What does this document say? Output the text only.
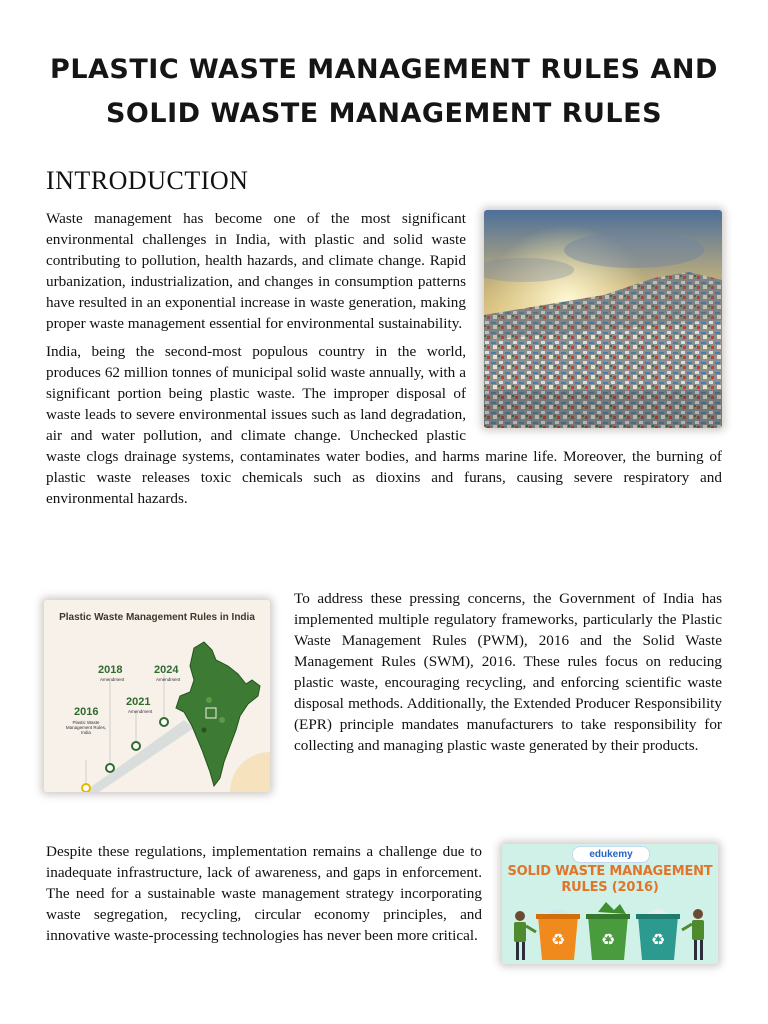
PLASTIC WASTE MANAGEMENT RULES AND
SOLID WASTE MANAGEMENT RULES
INTRODUCTION

Waste management has become one of the most significant environmental challenges in India, with plastic and solid waste contributing to pollution, health hazards, and climate change. Rapid urbanization, industrialization, and changes in consumption patterns have resulted in an exponential increase in waste generation, making proper waste management essential for environmental sustainability.

India, being the second-most populous country in the world, produces 62 million tonnes of municipal solid waste annually, with a significant portion being plastic waste. The improper disposal of waste leads to severe environmental issues such as land degradation, air and water pollution, and climate change. Unchecked plastic waste clogs drainage systems, contaminates water bodies, and harms marine life. Moreover, the burning of plastic waste releases toxic chemicals such as dioxins and furans, causing severe respiratory and environmental hazards.

Plastic Waste Management Rules in India
2018
Amendment
2024
Amendment
2021
Amendment
2016
Plastic Waste Management Rules, India

To address these pressing concerns, the Government of India has implemented multiple regulatory frameworks, particularly the Plastic Waste Management Rules (PWM), 2016 and the Solid Waste Management Rules (SWM), 2016. These rules focus on reducing plastic waste, encouraging recycling, and enforcing scientific waste disposal methods. Additionally, the Extended Producer Responsibility (EPR) principle mandates manufacturers to take responsibility for collecting and managing plastic waste generated by their products.

Despite these regulations, implementation remains a challenge due to inadequate infrastructure, lack of awareness, and gaps in enforcement. The need for a sustainable waste management strategy incorporating waste segregation, recycling, circular economy principles, and innovative waste-processing technologies has never been more critical.

edukemy
SOLID WASTE MANAGEMENT
RULES (2016)
♻ ♻ ♻
